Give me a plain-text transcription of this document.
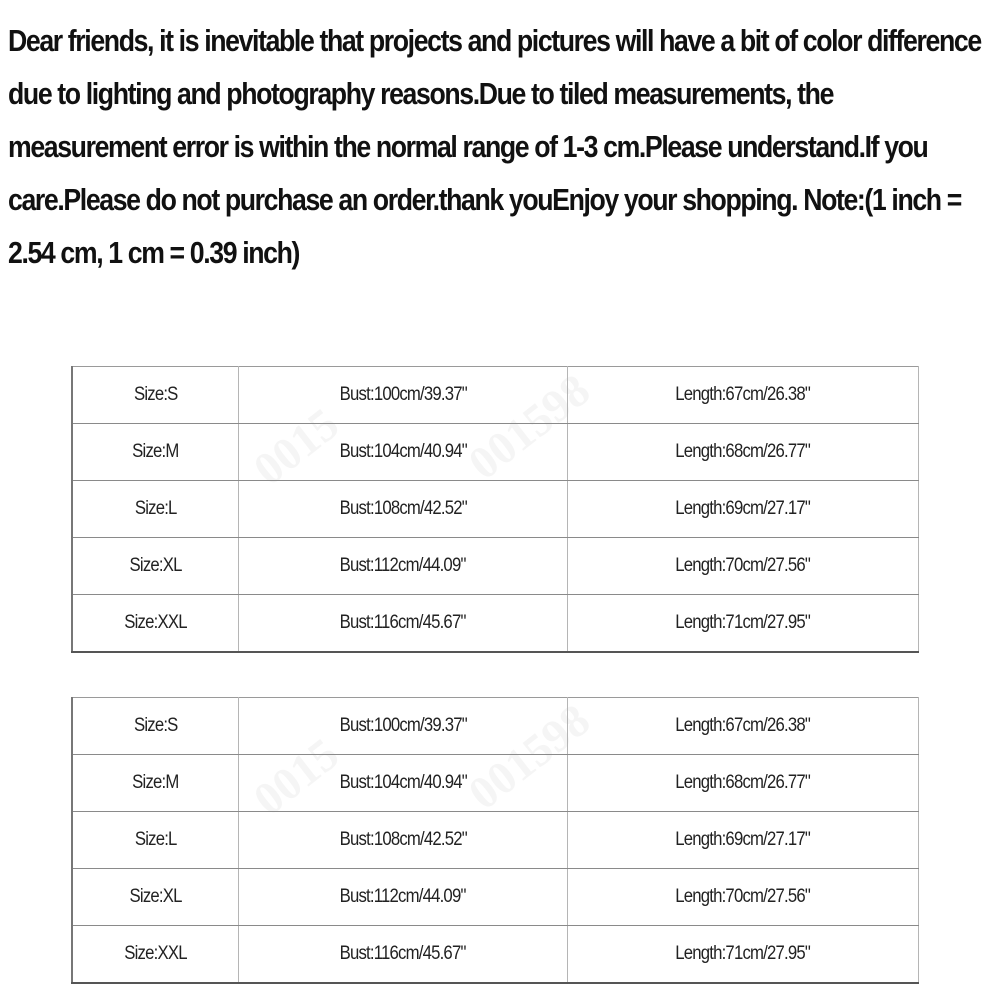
Dear friends, it is inevitable that projects and pictures will have a bit of color difference due to lighting and photography reasons.Due to tiled measurements, the measurement error is within the normal range of 1-3 cm.Please understand.If you care.Please do not purchase an order.thank youEnjoy your shopping. Note:(1 inch = 2.54 cm, 1 cm = 0.39 inch)

0015 001598
0015 001598
Size:S	Bust:100cm/39.37"	Length:67cm/26.38"
Size:M	Bust:104cm/40.94"	Length:68cm/26.77"
Size:L	Bust:108cm/42.52"	Length:69cm/27.17"
Size:XL	Bust:112cm/44.09"	Length:70cm/27.56"
Size:XXL	Bust:116cm/45.67"	Length:71cm/27.95"
Size:S	Bust:100cm/39.37"	Length:67cm/26.38"
Size:M	Bust:104cm/40.94"	Length:68cm/26.77"
Size:L	Bust:108cm/42.52"	Length:69cm/27.17"
Size:XL	Bust:112cm/44.09"	Length:70cm/27.56"
Size:XXL	Bust:116cm/45.67"	Length:71cm/27.95"
